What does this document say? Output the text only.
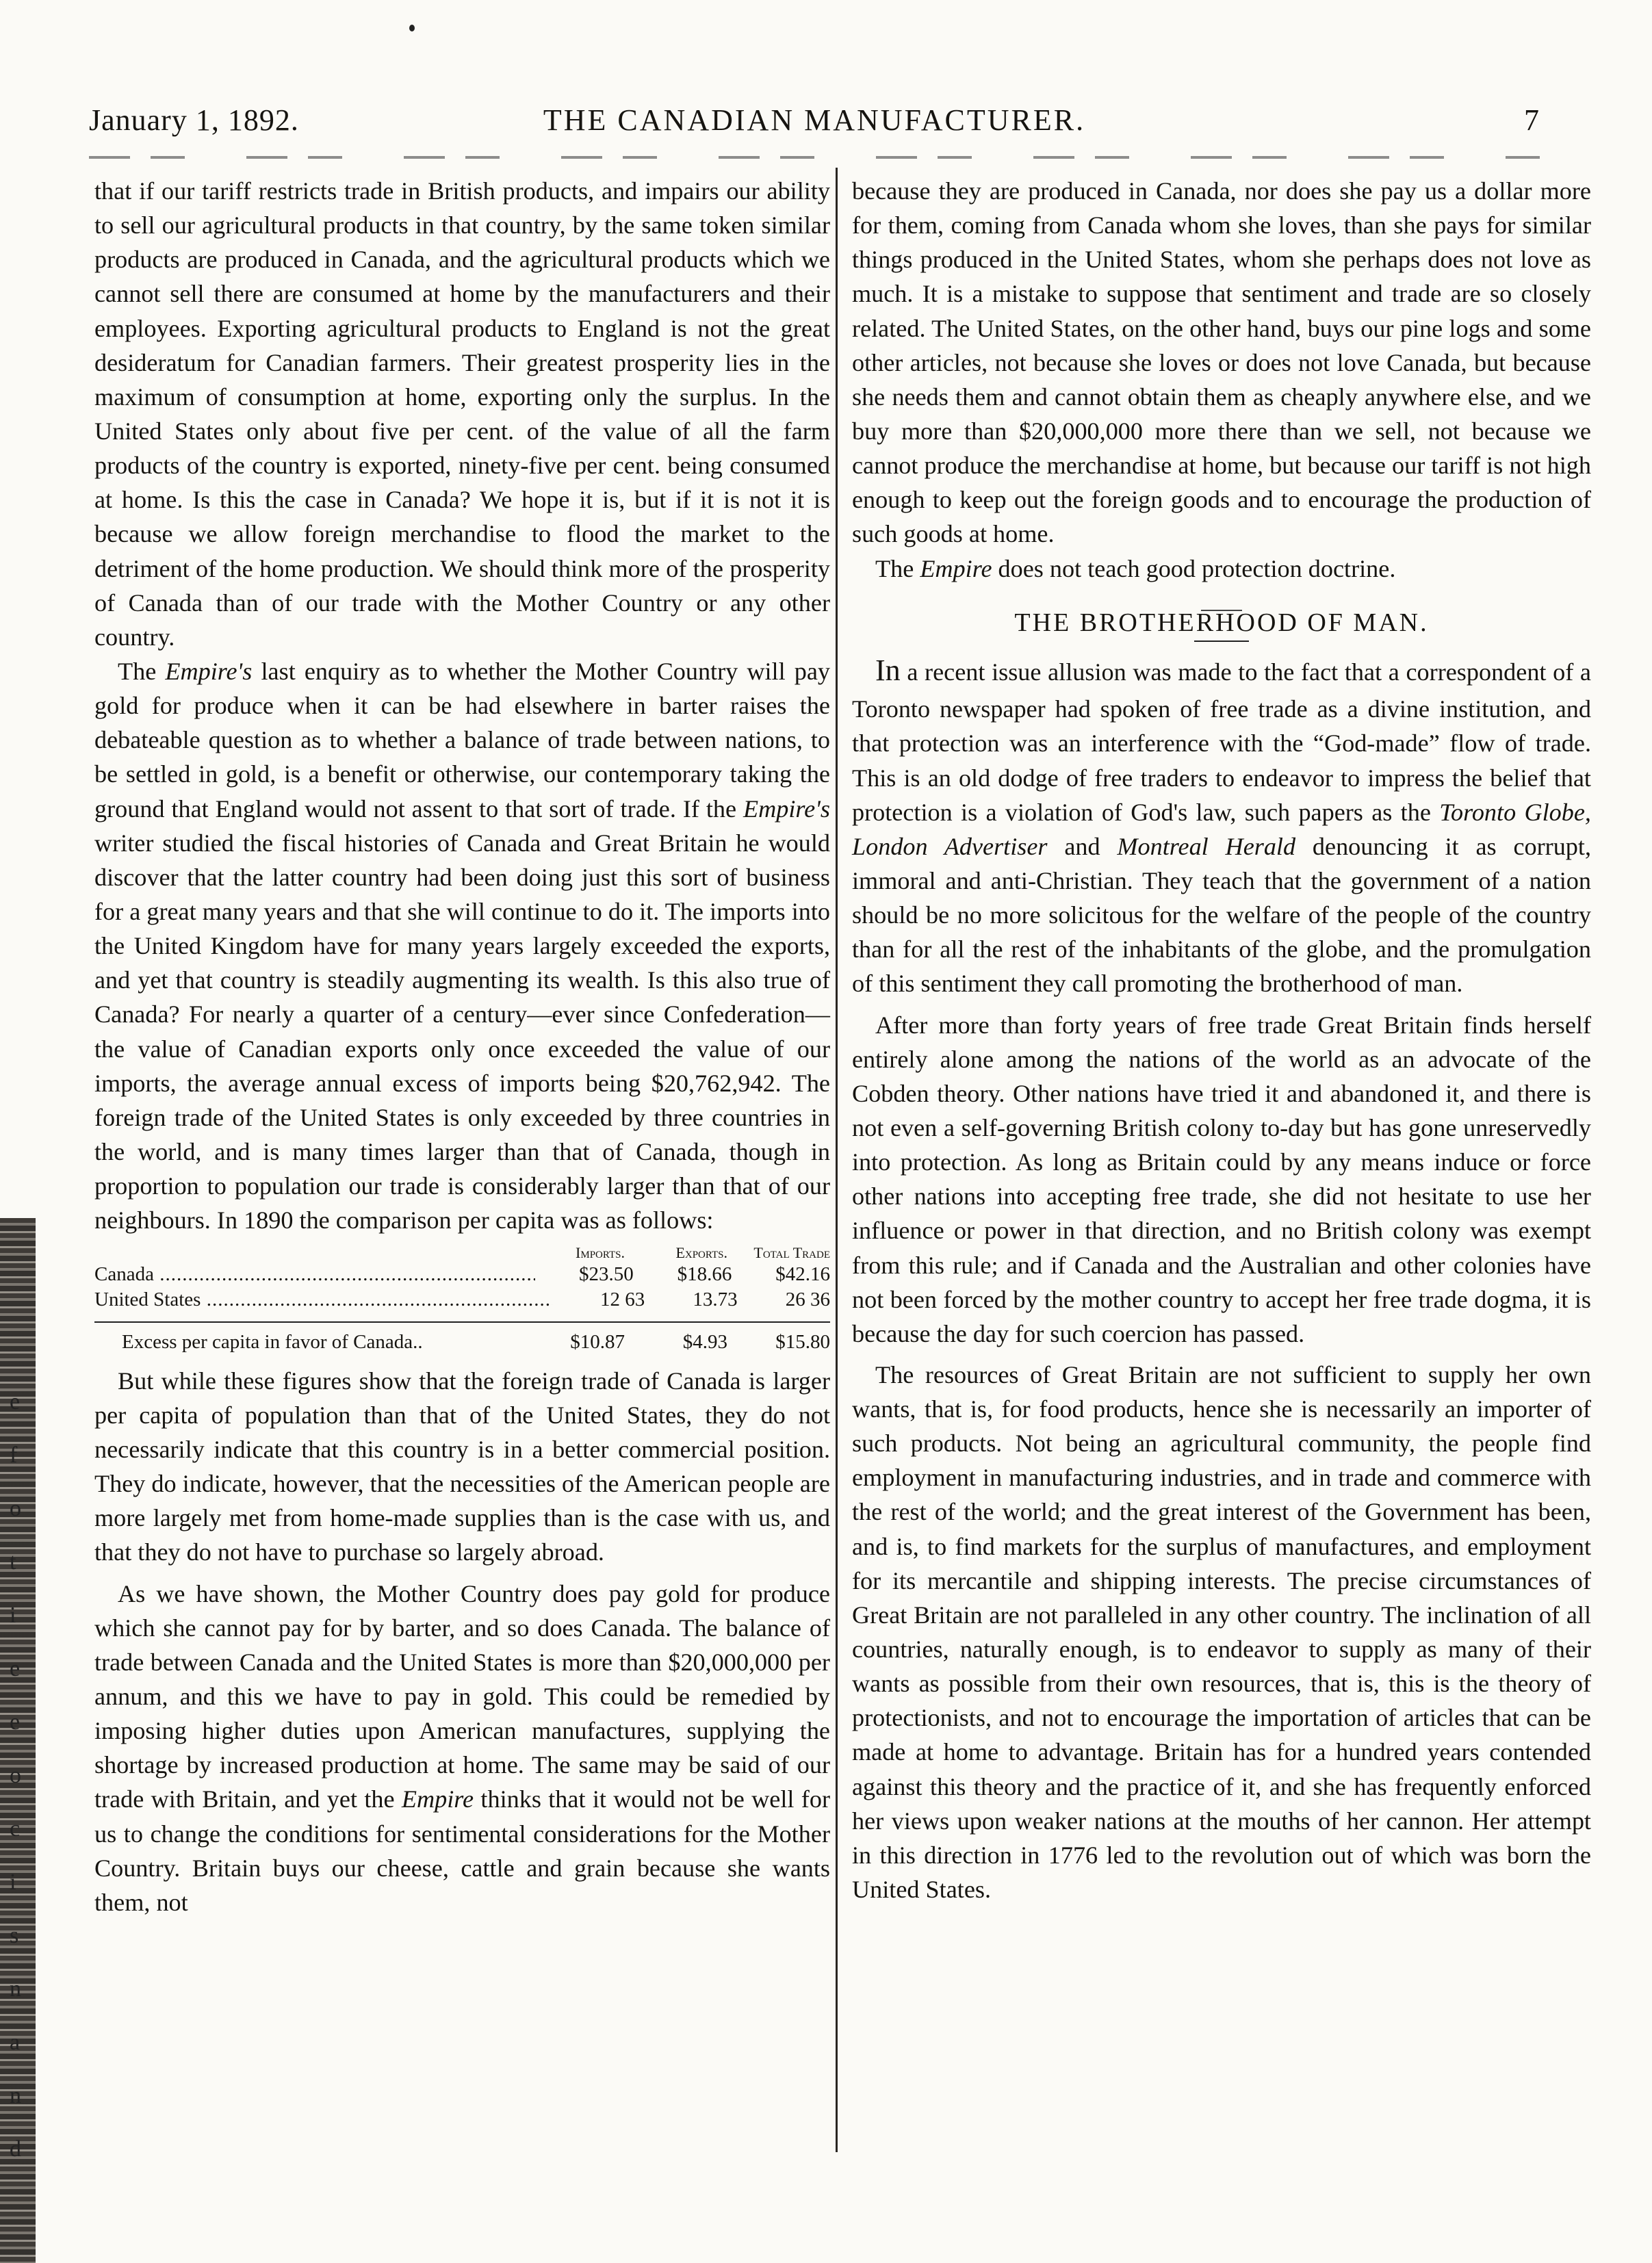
e
f
o
t
i
e
e
o
c
i
s
n
a
n
d
January 1, 1892.	THE CANADIAN MANUFACTURER.	7

that if our tariff restricts trade in British products, and impairs our ability to sell our agricultural products in that country, by the same token similar products are produced in Canada, and the agricultural products which we cannot sell there are consumed at home by the manufacturers and their employees. Exporting agricultural products to England is not the great desideratum for Canadian farmers. Their greatest prosperity lies in the maximum of consumption at home, exporting only the surplus. In the United States only about five per cent. of the value of all the farm products of the country is exported, ninety-five per cent. being consumed at home. Is this the case in Canada? We hope it is, but if it is not it is because we allow foreign merchandise to flood the market to the detriment of the home production. We should think more of the prosperity of Canada than of our trade with the Mother Country or any other country.

The Empire's last enquiry as to whether the Mother Country will pay gold for produce when it can be had elsewhere in barter raises the debateable question as to whether a balance of trade between nations, to be settled in gold, is a benefit or otherwise, our contemporary taking the ground that England would not assent to that sort of trade. If the Empire's writer studied the fiscal histories of Canada and Great Britain he would discover that the latter country had been doing just this sort of business for a great many years and that she will continue to do it. The imports into the United Kingdom have for many years largely exceeded the exports, and yet that country is steadily augmenting its wealth. Is this also true of Canada? For nearly a quarter of a century—ever since Confederation—the value of Canadian exports only once exceeded the value of our imports, the average annual excess of imports being $20,762,942. The foreign trade of the United States is only exceeded by three countries in the world, and is many times larger than that of Canada, though in proportion to population our trade is considerably larger than that of our neighbours. In 1890 the comparison per capita was as follows:

Imports.	Exports.	Total Trade
Canada .....	$23.50	$18.66	$42.16
United States .....	12 63	13.73	26 36
Excess per capita in favor of Canada..	$10.87	$4.93	$15.80

But while these figures show that the foreign trade of Canada is larger per capita of population than that of the United States, they do not necessarily indicate that this country is in a better commercial position. They do indicate, however, that the necessities of the American people are more largely met from home-made supplies than is the case with us, and that they do not have to purchase so largely abroad.

As we have shown, the Mother Country does pay gold for produce which she cannot pay for by barter, and so does Canada. The balance of trade between Canada and the United States is more than $20,000,000 per annum, and this we have to pay in gold. This could be remedied by imposing higher duties upon American manufactures, supplying the shortage by increased production at home. The same may be said of our trade with Britain, and yet the Empire thinks that it would not be well for us to change the conditions for sentimental considerations for the Mother Country. Britain buys our cheese, cattle and grain because she wants them, not

because they are produced in Canada, nor does she pay us a dollar more for them, coming from Canada whom she loves, than she pays for similar things produced in the United States, whom she perhaps does not love as much. It is a mistake to suppose that sentiment and trade are so closely related. The United States, on the other hand, buys our pine logs and some other articles, not because she loves or does not love Canada, but because she needs them and cannot obtain them as cheaply anywhere else, and we buy more than $20,000,000 more there than we sell, not because we cannot produce the merchandise at home, but because our tariff is not high enough to keep out the foreign goods and to encourage the production of such goods at home.

The Empire does not teach good protection doctrine.

THE BROTHERHOOD OF MAN.

In a recent issue allusion was made to the fact that a correspondent of a Toronto newspaper had spoken of free trade as a divine institution, and that protection was an interference with the “God-made” flow of trade. This is an old dodge of free traders to endeavor to impress the belief that protection is a violation of God's law, such papers as the Toronto Globe, London Advertiser and Montreal Herald denouncing it as corrupt, immoral and anti-Christian. They teach that the government of a nation should be no more solicitous for the welfare of the people of the country than for all the rest of the inhabitants of the globe, and the promulgation of this sentiment they call promoting the brotherhood of man.

After more than forty years of free trade Great Britain finds herself entirely alone among the nations of the world as an advocate of the Cobden theory. Other nations have tried it and abandoned it, and there is not even a self-governing British colony to-day but has gone unreservedly into protection. As long as Britain could by any means induce or force other nations into accepting free trade, she did not hesitate to use her influence or power in that direction, and no British colony was exempt from this rule; and if Canada and the Australian and other colonies have not been forced by the mother country to accept her free trade dogma, it is because the day for such coercion has passed.

The resources of Great Britain are not sufficient to supply her own wants, that is, for food products, hence she is necessarily an importer of such products. Not being an agricultural community, the people find employment in manufacturing industries, and in trade and commerce with the rest of the world; and the great interest of the Government has been, and is, to find markets for the surplus of manufactures, and employment for its mercantile and shipping interests. The precise circumstances of Great Britain are not paralleled in any other country. The inclination of all countries, naturally enough, is to endeavor to supply as many of their wants as possible from their own resources, that is, this is the theory of protectionists, and not to encourage the importation of articles that can be made at home to advantage. Britain has for a hundred years contended against this theory and the practice of it, and she has frequently enforced her views upon weaker nations at the mouths of her cannon. Her attempt in this direction in 1776 led to the revolution out of which was born the United States.
